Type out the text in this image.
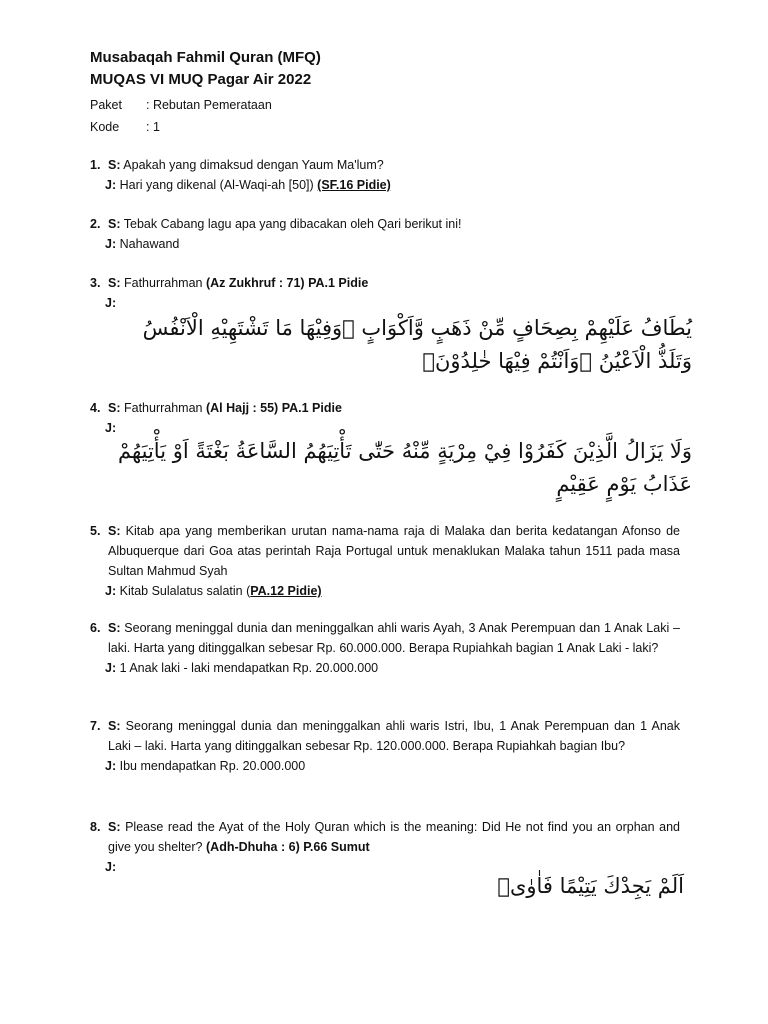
Musabaqah Fahmil Quran (MFQ)
MUQAS VI MUQ Pagar Air 2022
Paket	: Rebutan Pemerataan
Kode	: 1
1. S: Apakah yang dimaksud dengan Yaum Ma'lum?
J: Hari yang dikenal (Al-Waqi-ah [50]) (SF.16 Pidie)
2. S: Tebak Cabang lagu apa yang dibacakan oleh Qari berikut ini!
J: Nahawand
3. S: Fathurrahman (Az Zukhruf : 71) PA.1 Pidie
J:
يُطَافُ عَلَيْهِمْ بِصِحَافٍ مِّنْ ذَهَبٍ وَّاَكْوَابٍ ۚوَفِيْهَا مَا تَشْتَهِيْهِ الْاَنْفُسُ وَتَلَذُّ الْاَعْيُنُ ۚوَاَنْتُمْ فِيْهَا خٰلِدُوْنَۚ
4. S: Fathurrahman (Al Hajj : 55) PA.1 Pidie
J:
وَلَا يَزَالُ الَّذِيْنَ كَفَرُوْا فِيْ مِرْيَةٍ مِّنْهُ حَتّٰى تَأْتِيَهُمُ السَّاعَةُ بَغْتَةً اَوْ يَأْتِيَهُمْ عَذَابُ يَوْمٍ عَقِيْمٍ
5. S: Kitab apa yang memberikan urutan nama-nama raja di Malaka dan berita kedatangan Afonso de Albuquerque dari Goa atas perintah Raja Portugal untuk menaklukan Malaka tahun 1511 pada masa Sultan Mahmud Syah
J: Kitab Sulalatus salatin (PA.12 Pidie)
6. S: Seorang meninggal dunia dan meninggalkan ahli waris Ayah, 3 Anak Perempuan dan 1 Anak Laki – laki. Harta yang ditinggalkan sebesar Rp. 60.000.000. Berapa Rupiahkah bagian 1 Anak Laki - laki?
J: 1 Anak laki - laki mendapatkan Rp. 20.000.000
7. S: Seorang meninggal dunia dan meninggalkan ahli waris Istri, Ibu, 1 Anak Perempuan dan 1 Anak Laki – laki. Harta yang ditinggalkan sebesar Rp. 120.000.000. Berapa Rupiahkah bagian Ibu?
J: Ibu mendapatkan Rp. 20.000.000
8. S: Please read the Ayat of the Holy Quran which is the meaning: Did He not find you an orphan and give you shelter? (Adh-Dhuha : 6) P.66 Sumut
J:
اَلَمْ يَجِدْكَ يَتِيْمًا فَاٰوٰىۖ
